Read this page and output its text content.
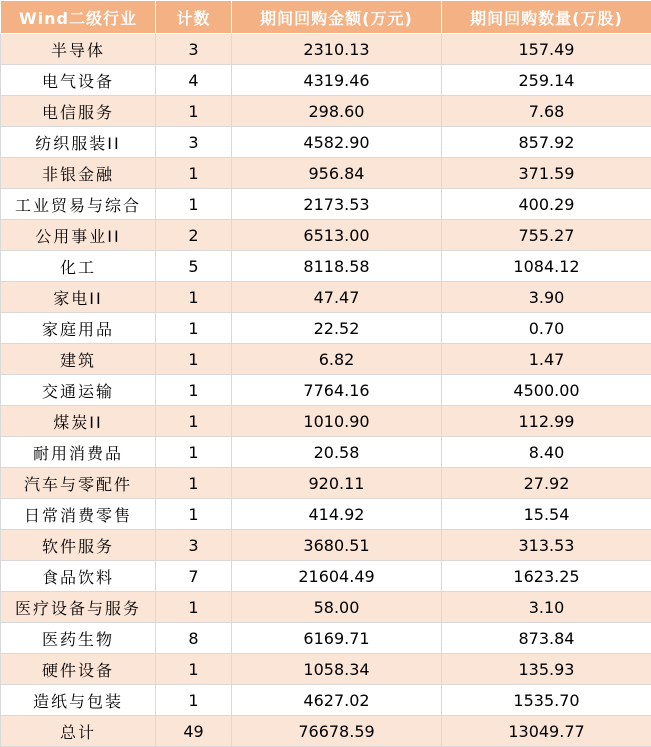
Wind二级行业	计数	期间回购金额(万元)	期间回购数量(万股)
半导体	3	2310.13	157.49
电气设备	4	4319.46	259.14
电信服务	1	298.60	7.68
纺织服装II	3	4582.90	857.92
非银金融	1	956.84	371.59
工业贸易与综合	1	2173.53	400.29
公用事业II	2	6513.00	755.27
化工	5	8118.58	1084.12
家电II	1	47.47	3.90
家庭用品	1	22.52	0.70
建筑	1	6.82	1.47
交通运输	1	7764.16	4500.00
煤炭II	1	1010.90	112.99
耐用消费品	1	20.58	8.40
汽车与零配件	1	920.11	27.92
日常消费零售	1	414.92	15.54
软件服务	3	3680.51	313.53
食品饮料	7	21604.49	1623.25
医疗设备与服务	1	58.00	3.10
医药生物	8	6169.71	873.84
硬件设备	1	1058.34	135.93
造纸与包装	1	4627.02	1535.70
总计	49	76678.59	13049.77
